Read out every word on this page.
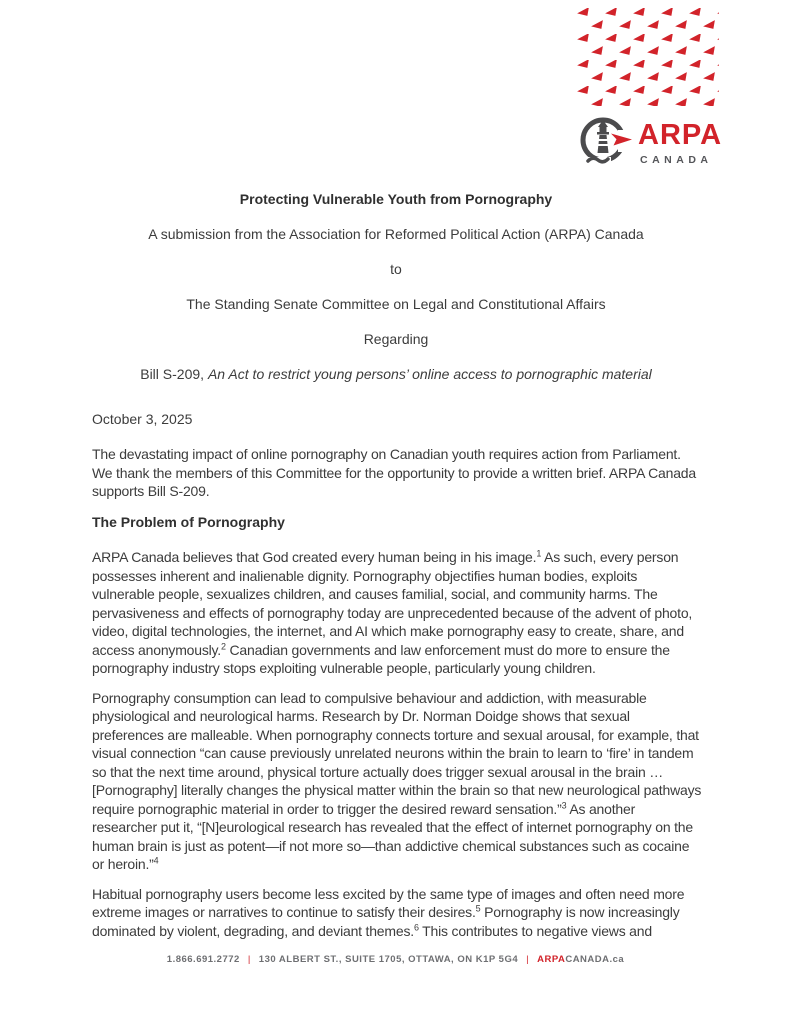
ARPA
CANADA

Protecting Vulnerable Youth from Pornography

A submission from the Association for Reformed Political Action (ARPA) Canada

to

The Standing Senate Committee on Legal and Constitutional Affairs

Regarding

Bill S-209, An Act to restrict young persons’ online access to pornographic material

October 3, 2025

The devastating impact of online pornography on Canadian youth requires action from Parliament. We thank the members of this Committee for the opportunity to provide a written brief. ARPA Canada supports Bill S-209.

The Problem of Pornography

ARPA Canada believes that God created every human being in his image.$^1$ As such, every person possesses inherent and inalienable dignity. Pornography objectifies human bodies, exploits vulnerable people, sexualizes children, and causes familial, social, and community harms. The pervasiveness and effects of pornography today are unprecedented because of the advent of photo, video, digital technologies, the internet, and AI which make pornography easy to create, share, and access anonymously.$^2$ Canadian governments and law enforcement must do more to ensure the pornography industry stops exploiting vulnerable people, particularly young children.

Pornography consumption can lead to compulsive behaviour and addiction, with measurable physiological and neurological harms. Research by Dr. Norman Doidge shows that sexual preferences are malleable. When pornography connects torture and sexual arousal, for example, that visual connection “can cause previously unrelated neurons within the brain to learn to ‘fire’ in tandem so that the next time around, physical torture actually does trigger sexual arousal in the brain … [Pornography] literally changes the physical matter within the brain so that new neurological pathways require pornographic material in order to trigger the desired reward sensation.”$^3$ As another researcher put it, “[N]eurological research has revealed that the effect of internet pornography on the human brain is just as potent—if not more so—than addictive chemical substances such as cocaine or heroin.”$^4$

Habitual pornography users become less excited by the same type of images and often need more extreme images or narratives to continue to satisfy their desires.$^5$ Pornography is now increasingly dominated by violent, degrading, and deviant themes.$^6$ This contributes to negative views and

1.866.691.2772 | 130 ALBERT ST., SUITE 1705, OTTAWA, ON K1P 5G4 | ARPACANADA.ca
